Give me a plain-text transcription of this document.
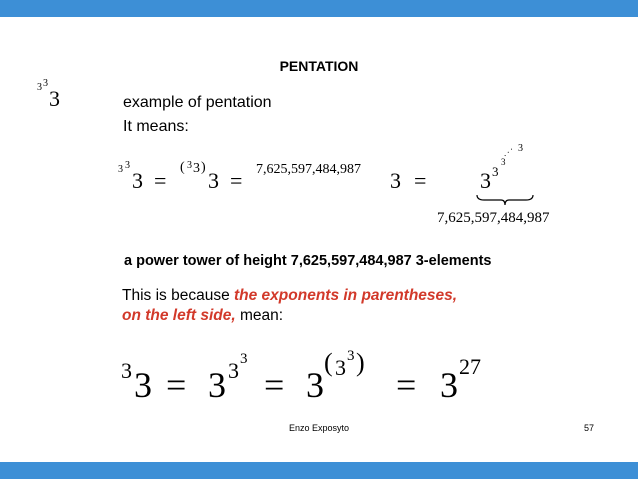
PENTATION
3 3
3	example of pentation
It means:
3 3
3 =
( 3 3 )
3 = 7,625,597,484,987 3 = 3 3
3
. . . 3
7,625,597,484,987
a power tower of height 7,625,597,484,987 3-elements
This is because the exponents in parentheses,
on the left side, mean:
3 3 = 3 3 3
= 3
( 3 3 )
= 3 27
Enzo Exposyto	57
